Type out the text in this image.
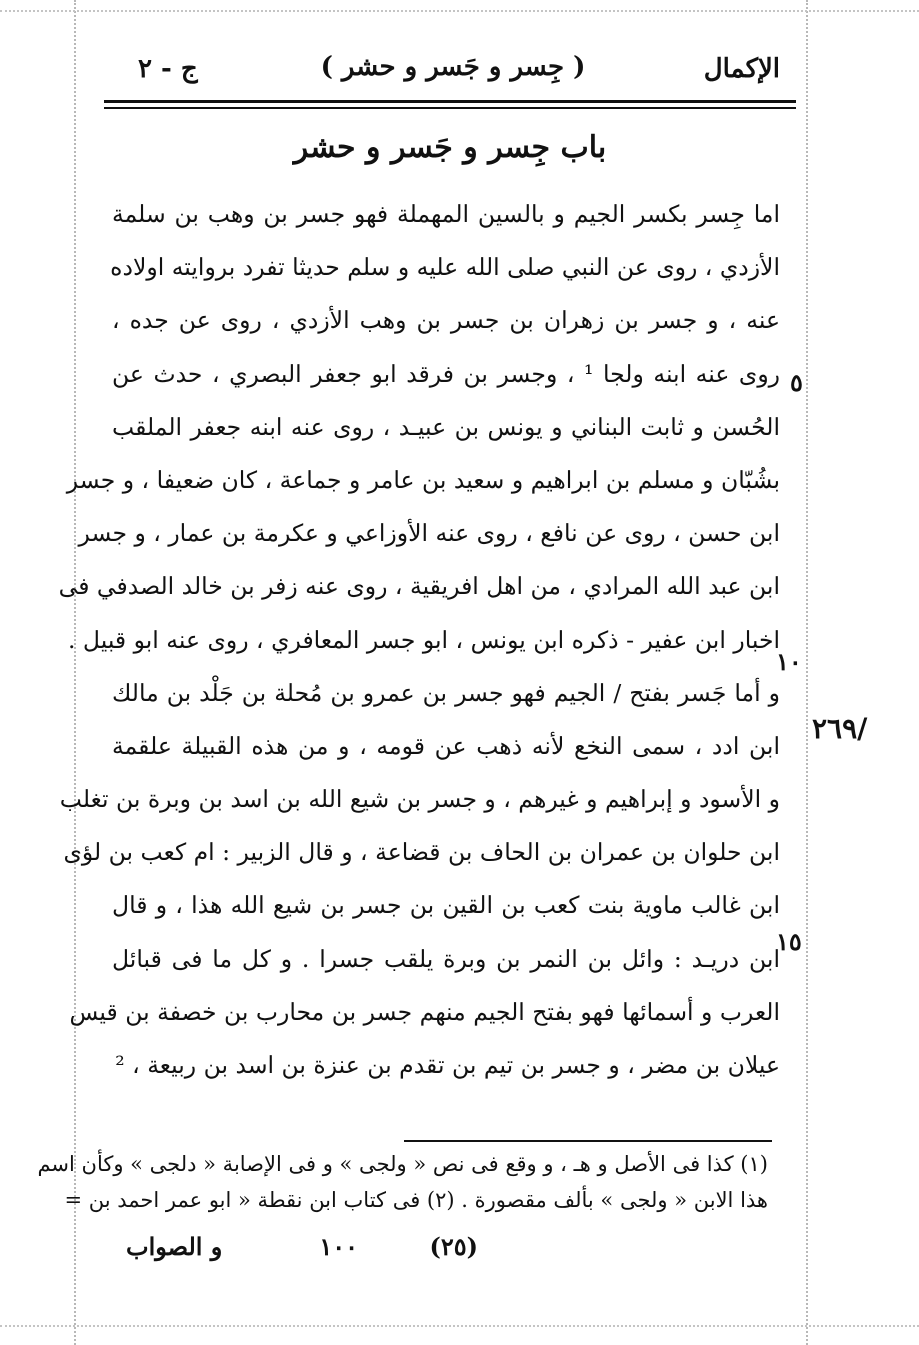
الإكمال
( جِسر و جَسر و حشر )
ج - ٢
باب جِسر و جَسر و حشر
اما جِسر بكسر الجيم و بالسين المهملة فهو جسر بن وهب بن سلمة
الأزدي ، روى عن النبي صلى الله عليه و سلم حديثا تفرد بروايته اولاده
عنه ، و جسر بن زهران بن جسر بن وهب الأزدي ، روى عن جده ،
روى عنه ابنه ولجا ¹ ، وجسر بن فرقد ابو جعفر البصري ، حدث عن
الحُسن و ثابت البناني و يونس بن عبيـد ، روى عنه ابنه جعفر الملقب
بشُبّان و مسلم بن ابراهيم و سعيد بن عامر و جماعة ، كان ضعيفا ، و جسر
ابن حسن ، روى عن نافع ، روى عنه الأوزاعي و عكرمة بن عمار ، و جسر
ابن عبد الله المرادي ، من اهل افريقية ، روى عنه زفر بن خالد الصدفي فى
اخبار ابن عفير - ذكره ابن يونس ، ابو جسر المعافري ، روى عنه ابو قبيل .
و أما جَسر بفتح / الجيم فهو جسر بن عمرو بن مُحلة بن جَلْد بن مالك
ابن ادد ، سمى النخع لأنه ذهب عن قومه ، و من هذه القبيلة علقمة
و الأسود و إبراهيم و غيرهم ، و جسر بن شيع الله بن اسد بن وبرة بن تغلب
ابن حلوان بن عمران بن الحاف بن قضاعة ، و قال الزبير : ام كعب بن لؤى
ابن غالب ماوية بنت كعب بن القين بن جسر بن شيع الله هذا ، و قال
ابن دريـد : وائل بن النمر بن وبرة يلقب جسرا . و كل ما فى قبائل
العرب و أسمائها فهو بفتح الجيم منهم جسر بن محارب بن خصفة بن قيس
عيلان بن مضر ، و جسر بن تيم بن تقدم بن عنزة بن اسد بن ربيعة ، ²
٥
١٠
١٥
/٢٦٩
(١) كذا فى الأصل و هـ ، و وقع فى نص « ولجى » و فى الإصابة « دلجى » وكأن اسم
هذا الابن « ولجى » بألف مقصورة . (٢) فى كتاب ابن نقطة « ابو عمر احمد بن =
(٢٥)
١٠٠
و الصواب
